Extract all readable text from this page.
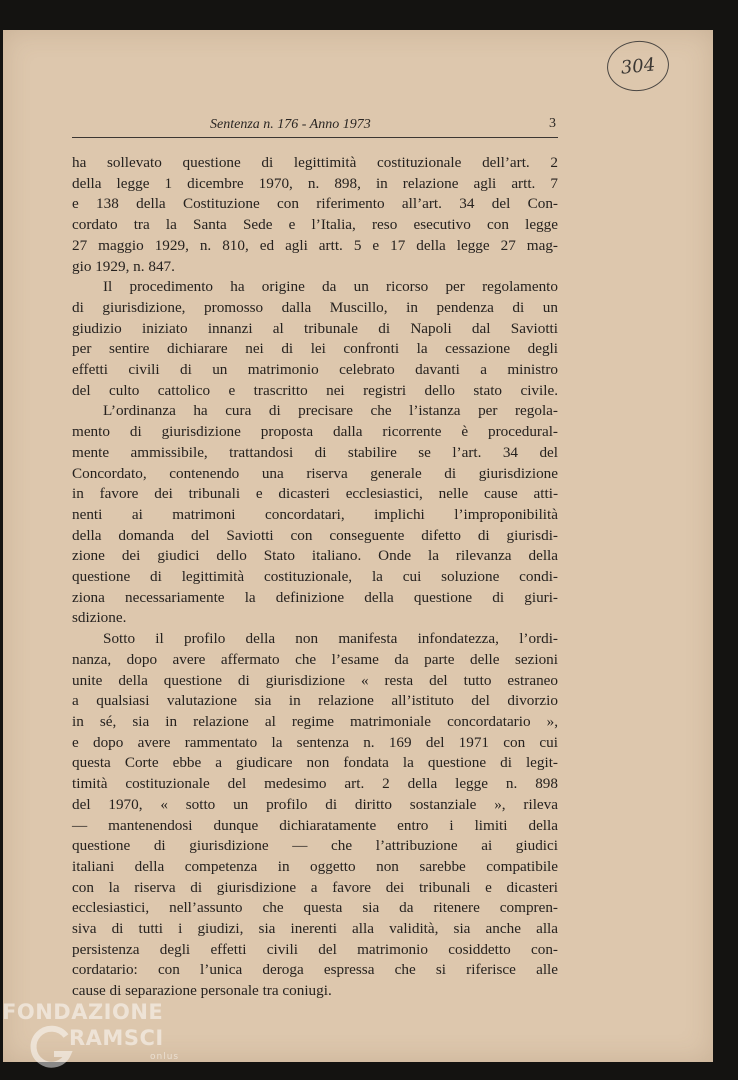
304
Sentenza n. 176 - Anno 1973	3

ha sollevato questione di legittimità costituzionale dell’art. 2

della legge 1 dicembre 1970, n. 898, in relazione agli artt. 7

e 138 della Costituzione con riferimento all’art. 34 del Con-

cordato tra la Santa Sede e l’Italia, reso esecutivo con legge

27 maggio 1929, n. 810, ed agli artt. 5 e 17 della legge 27 mag-

gio 1929, n. 847.

Il procedimento ha origine da un ricorso per regolamento

di giurisdizione, promosso dalla Muscillo, in pendenza di un

giudizio iniziato innanzi al tribunale di Napoli dal Saviotti

per sentire dichiarare nei di lei confronti la cessazione degli

effetti civili di un matrimonio celebrato davanti a ministro

del culto cattolico e trascritto nei registri dello stato civile.

L’ordinanza ha cura di precisare che l’istanza per regola-

mento di giurisdizione proposta dalla ricorrente è procedural-

mente ammissibile, trattandosi di stabilire se l’art. 34 del

Concordato, contenendo una riserva generale di giurisdizione

in favore dei tribunali e dicasteri ecclesiastici, nelle cause atti-

nenti ai matrimoni concordatari, implichi l’improponibilità

della domanda del Saviotti con conseguente difetto di giurisdi-

zione dei giudici dello Stato italiano. Onde la rilevanza della

questione di legittimità costituzionale, la cui soluzione condi-

ziona necessariamente la definizione della questione di giuri-

sdizione.

Sotto il profilo della non manifesta infondatezza, l’ordi-

nanza, dopo avere affermato che l’esame da parte delle sezioni

unite della questione di giurisdizione « resta del tutto estraneo

a qualsiasi valutazione sia in relazione all’istituto del divorzio

in sé, sia in relazione al regime matrimoniale concordatario »,

e dopo avere rammentato la sentenza n. 169 del 1971 con cui

questa Corte ebbe a giudicare non fondata la questione di legit-

timità costituzionale del medesimo art. 2 della legge n. 898

del 1970, « sotto un profilo di diritto sostanziale », rileva

— mantenendosi dunque dichiaratamente entro i limiti della

questione di giurisdizione — che l’attribuzione ai giudici

italiani della competenza in oggetto non sarebbe compatibile

con la riserva di giurisdizione a favore dei tribunali e dicasteri

ecclesiastici, nell’assunto che questa sia da ritenere compren-

siva di tutti i giudizi, sia inerenti alla validità, sia anche alla

persistenza degli effetti civili del matrimonio cosiddetto con-

cordatario: con l’unica deroga espressa che si riferisce alle

cause di separazione personale tra coniugi.

FONDAZIONE
RAMSCI
onlus
